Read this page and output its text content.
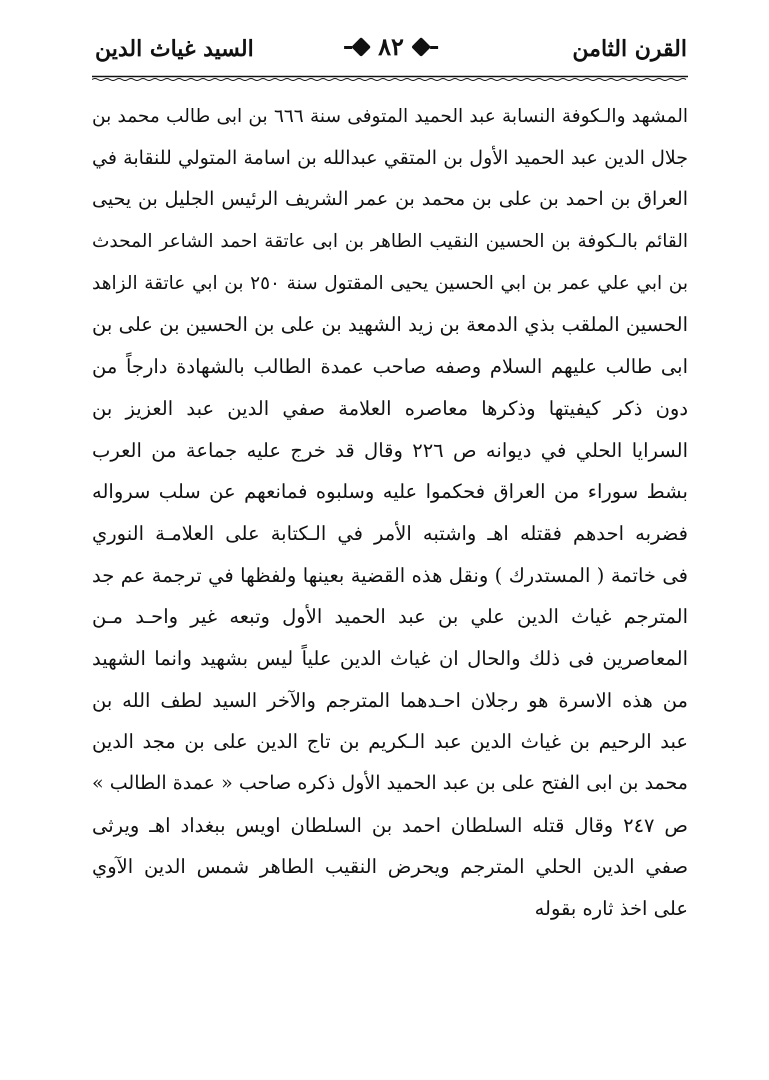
القرن الثامن
٨٢
السيد غياث الدين
المشهد والـكوفة النسابة عبد الحميد المتوفى سنة ٦٦٦ بن ابى طالب محمد بن
جلال الدين عبد الحميد الأول بن المتقي عبدالله بن اسامة المتولي للنقابة في
العراق بن احمد بن على بن محمد بن عمر الشريف الرئيس الجليل بن يحيى
القائم بالـكوفة بن الحسين النقيب الطاهر بن ابى عاتقة احمد الشاعر المحدث
بن ابي علي عمر بن ابي الحسين يحيى المقتول سنة ٢٥٠ بن ابي عاتقة الزاهد
الحسين الملقب بذي الدمعة بن زيد الشهيد بن على بن الحسين بن على بن
ابى طالب عليهم السلام وصفه صاحب عمدة الطالب بالشهادة دارجاً من
دون ذكر كيفيتها وذكرها معاصره العلامة صفي الدين عبد العزيز بن
السرايا الحلي في ديوانه ص ٢٢٦ وقال قد خرج عليه جماعة من العرب
بشط سوراء من العراق فحكموا عليه وسلبوه فمانعهم عن سلب سرواله
فضربه احدهم فقتله اهـ واشتبه الأمر في الـكتابة على العلامـة النوري
فى خاتمة ( المستدرك ) ونقل هذه القضية بعينها ولفظها في ترجمة عم جد
المترجم غياث الدين علي بن عبد الحميد الأول وتبعه غير واحـد مـن
المعاصرين فى ذلك والحال ان غياث الدين علياً ليس بشهيد وانما الشهيد
من هذه الاسرة هو رجلان احـدهما المترجم والآخر السيد لطف الله بن
عبد الرحيم بن غياث الدين عبد الـكريم بن تاج الدين على بن مجد الدين
محمد بن ابى الفتح على بن عبد الحميد الأول ذكره صاحب « عمدة الطالب »
ص ٢٤٧ وقال قتله السلطان احمد بن السلطان اويس ببغداد اهـ ويرثى
صفي الدين الحلي المترجم ويحرض النقيب الطاهر شمس الدين الآوي
على اخذ ثاره بقوله
